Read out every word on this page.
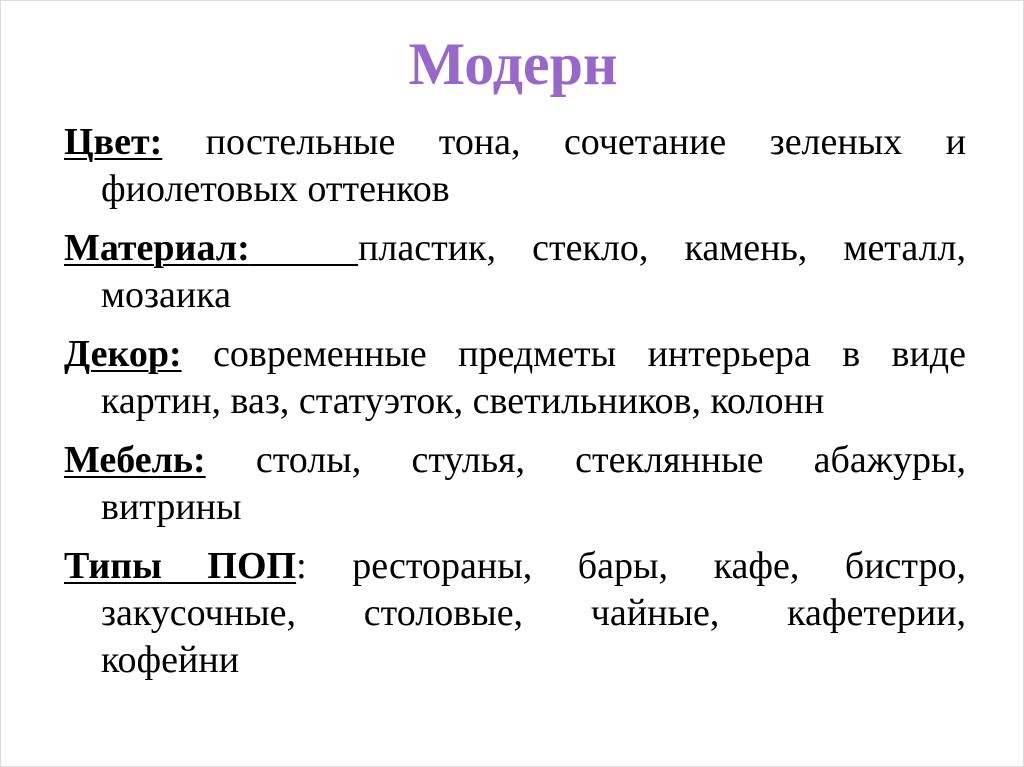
Модерн
Цвет: постельные тона, сочетание зеленых и
фиолетовых оттенков
Материал:	пластик, стекло, камень, металл,
мозаика
Декор: современные предметы интерьера в виде
картин, ваз, статуэток, светильников, колонн
Мебель: столы, стулья, стеклянные абажуры,
витрины
Типы ПОП: рестораны, бары, кафе, бистро,
закусочные, столовые, чайные, кафетерии,
кофейни
